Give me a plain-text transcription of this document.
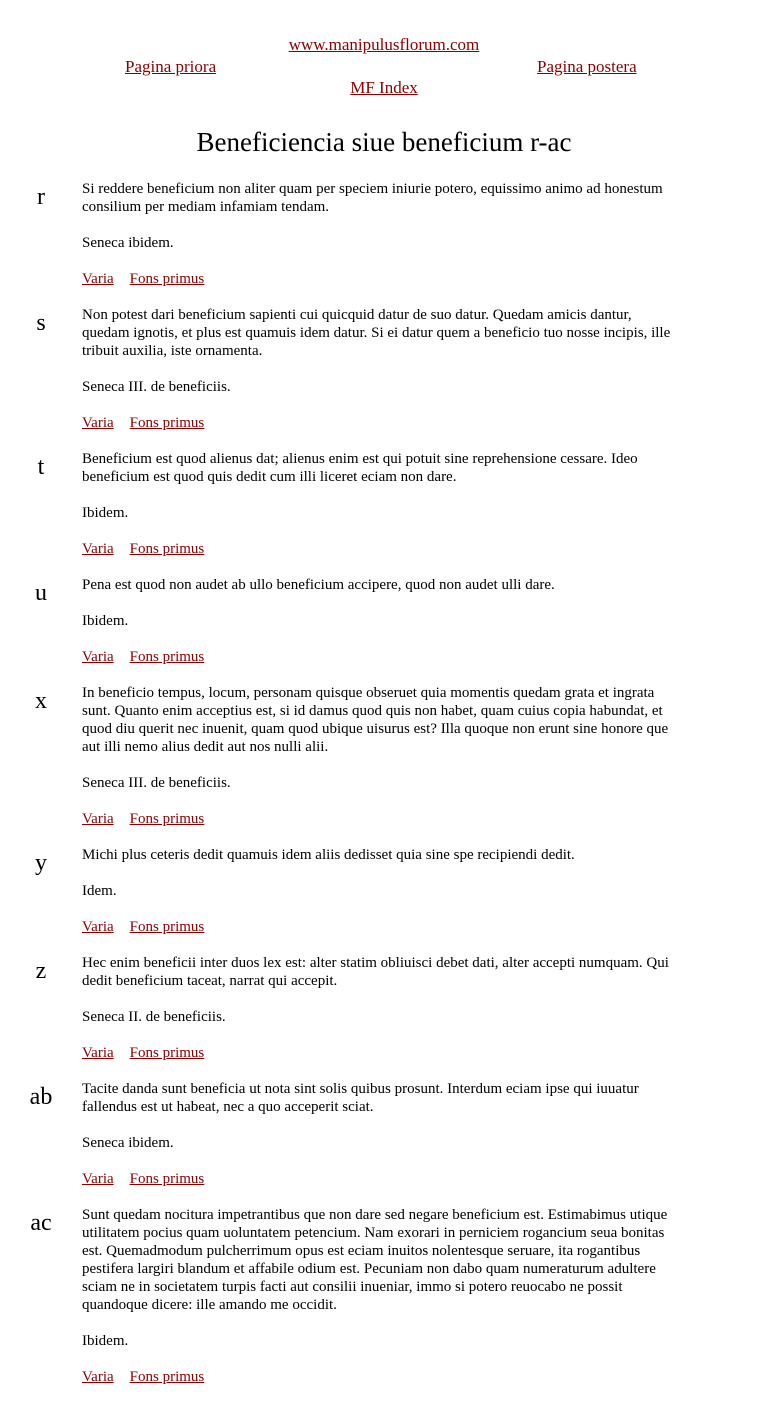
www.manipulusflorum.com
Pagina priora	Pagina postera
MF Index
Beneficiencia siue beneficium r-ac
r	Si reddere beneficium non aliter quam per speciem iniurie potero, equissimo animo ad honestum consilium per mediam infamiam tendam.

Seneca ibidem.

Varia Fons primus

s	Non potest dari beneficium sapienti cui quicquid datur de suo datur. Quedam amicis dantur, quedam ignotis, et plus est quamuis idem datur. Si ei datur quem a beneficio tuo nosse incipis, ille tribuit auxilia, iste ornamenta.

Seneca III. de beneficiis.

Varia Fons primus

t	Beneficium est quod alienus dat; alienus enim est qui potuit sine reprehensione cessare. Ideo beneficium est quod quis dedit cum illi liceret eciam non dare.

Ibidem.

Varia Fons primus

u	Pena est quod non audet ab ullo beneficium accipere, quod non audet ulli dare.

Ibidem.

Varia Fons primus

x	In beneficio tempus, locum, personam quisque obseruet quia momentis quedam grata et ingrata sunt. Quanto enim acceptius est, si id damus quod quis non habet, quam cuius copia habundat, et quod diu querit nec inuenit, quam quod ubique uisurus est? Illa quoque non erunt sine honore que aut illi nemo alius dedit aut nos nulli alii.

Seneca III. de beneficiis.

Varia Fons primus

y	Michi plus ceteris dedit quamuis idem aliis dedisset quia sine spe recipiendi dedit.

Idem.

Varia Fons primus

z	Hec enim beneficii inter duos lex est: alter statim obliuisci debet dati, alter accepti numquam. Qui dedit beneficium taceat, narrat qui accepit.

Seneca II. de beneficiis.

Varia Fons primus

ab	Tacite danda sunt beneficia ut nota sint solis quibus prosunt. Interdum eciam ipse qui iuuatur fallendus est ut habeat, nec a quo acceperit sciat.

Seneca ibidem.

Varia Fons primus

ac	Sunt quedam nocitura impetrantibus que non dare sed negare beneficium est. Estimabimus utique utilitatem pocius quam uoluntatem petencium. Nam exorari in perniciem rogancium seua bonitas est. Quemadmodum pulcherrimum opus est eciam inuitos nolentesque seruare, ita rogantibus pestifera largiri blandum et affabile odium est. Pecuniam non dabo quam numeraturum adultere sciam ne in societatem turpis facti aut consilii inueniar, immo si potero reuocabo ne possit quandoque dicere: ille amando me occidit.

Ibidem.

Varia Fons primus
